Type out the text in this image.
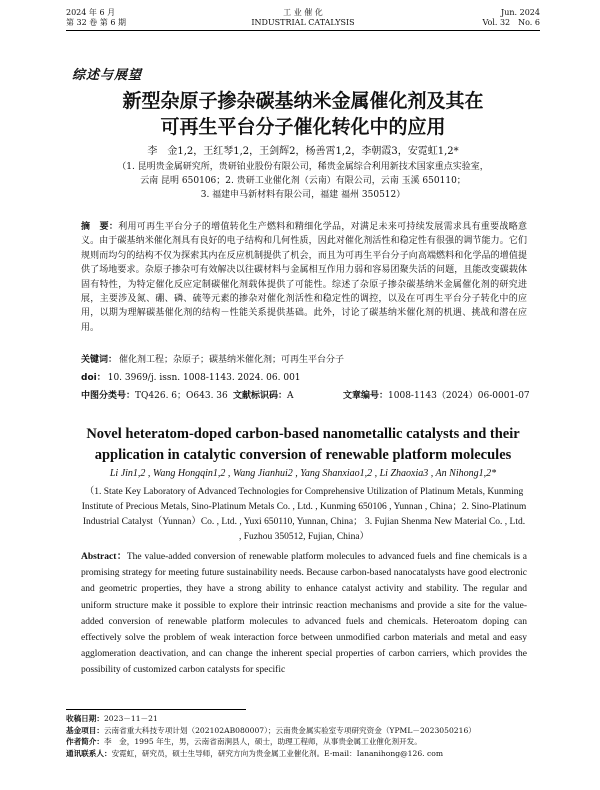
2024 年 6 月
第 32 卷 第 6 期
工 业 催 化
INDUSTRIAL CATALYSIS
Jun. 2024
Vol. 32　No. 6
综述与展望
新型杂原子掺杂碳基纳米金属催化剂及其在
可再生平台分子催化转化中的应用
李　金1,2，王红琴1,2，王剑辉2，杨善霄1,2，李朝霞3，安霓虹1,2*
（1. 昆明贵金属研究所，贵研铂业股份有限公司，稀贵金属综合利用新技术国家重点实验室，
云南 昆明 650106；2. 贵研工业催化剂（云南）有限公司，云南 玉溪 650110；
3. 福建申马新材料有限公司，福建 福州 350512）
摘　要：利用可再生平台分子的增值转化生产燃料和精细化学品，对满足未来可持续发展需求具有重要战略意义。由于碳基纳米催化剂具有良好的电子结构和几何性质，因此对催化剂活性和稳定性有很强的调节能力。它们规则而均匀的结构不仅为探索其内在反应机制提供了机会，而且为可再生平台分子向高端燃料和化学品的增值提供了场地要求。杂原子掺杂可有效解决以往碳材料与金属相互作用力弱和容易团聚失活的问题，且能改变碳载体固有特性，为特定催化反应定制碳催化剂载体提供了可能性。综述了杂原子掺杂碳基纳米金属催化剂的研究进展，主要涉及氮、硼、磷、硫等元素的掺杂对催化剂活性和稳定性的调控，以及在可再生平台分子转化中的应用，以期为理解碳基催化剂的结构－性能关系提供基础。此外，讨论了碳基纳米催化剂的机遇、挑战和潜在应用。
关键词： 催化剂工程；杂原子；碳基纳米催化剂；可再生平台分子
doi： 10. 3969/j. issn. 1008-1143. 2024. 06. 001
中图分类号：TQ426. 6；O643. 36 文献标识码：A	文章编号：1008-1143（2024）06-0001-07
Novel heteratom-doped carbon-based nanometallic catalysts and their
application in catalytic conversion of renewable platform molecules
Li Jin1,2 , Wang Hongqin1,2 , Wang Jianhui2 , Yang Shanxiao1,2 , Li Zhaoxia3 , An Nihong1,2*
（1. State Key Laboratory of Advanced Technologies for Comprehensive Utilization of Platinum Metals, Kunming Institute of Precious Metals, Sino-Platinum Metals Co. , Ltd. , Kunming 650106 , Yunnan , China；2. Sino-Platinum Industrial Catalyst（Yunnan）Co. , Ltd. , Yuxi 650110, Yunnan, China； 3. Fujian Shenma New Material Co. , Ltd. , Fuzhou 350512, Fujian, China）
Abstract：The value-added conversion of renewable platform molecules to advanced fuels and fine chemicals is a promising strategy for meeting future sustainability needs. Because carbon-based nanocatalysts have good electronic and geometric properties, they have a strong ability to enhance catalyst activity and stability. The regular and uniform structure make it possible to explore their intrinsic reaction mechanisms and provide a site for the value-added conversion of renewable platform molecules to advanced fuels and chemicals. Heteroatom doping can effectively solve the problem of weak interaction force between unmodified carbon materials and metal and easy agglomeration deactivation, and can change the inherent special properties of carbon carriers, which provides the possibility of customized carbon catalysts for specific
收稿日期：2023－11－21
基金项目：云南省重大科技专项计划（202102AB080007）；云南贵金属实验室专项研究资金（YPML－2023050216）
作者简介：李　金，1995 年生，男，云南省南涧县人，硕士，助理工程师，从事贵金属工业催化剂开发。
通讯联系人：安霓虹，研究员，硕士生导师，研究方向为贵金属工业催化剂。E-mail：Iananihong@126. com
